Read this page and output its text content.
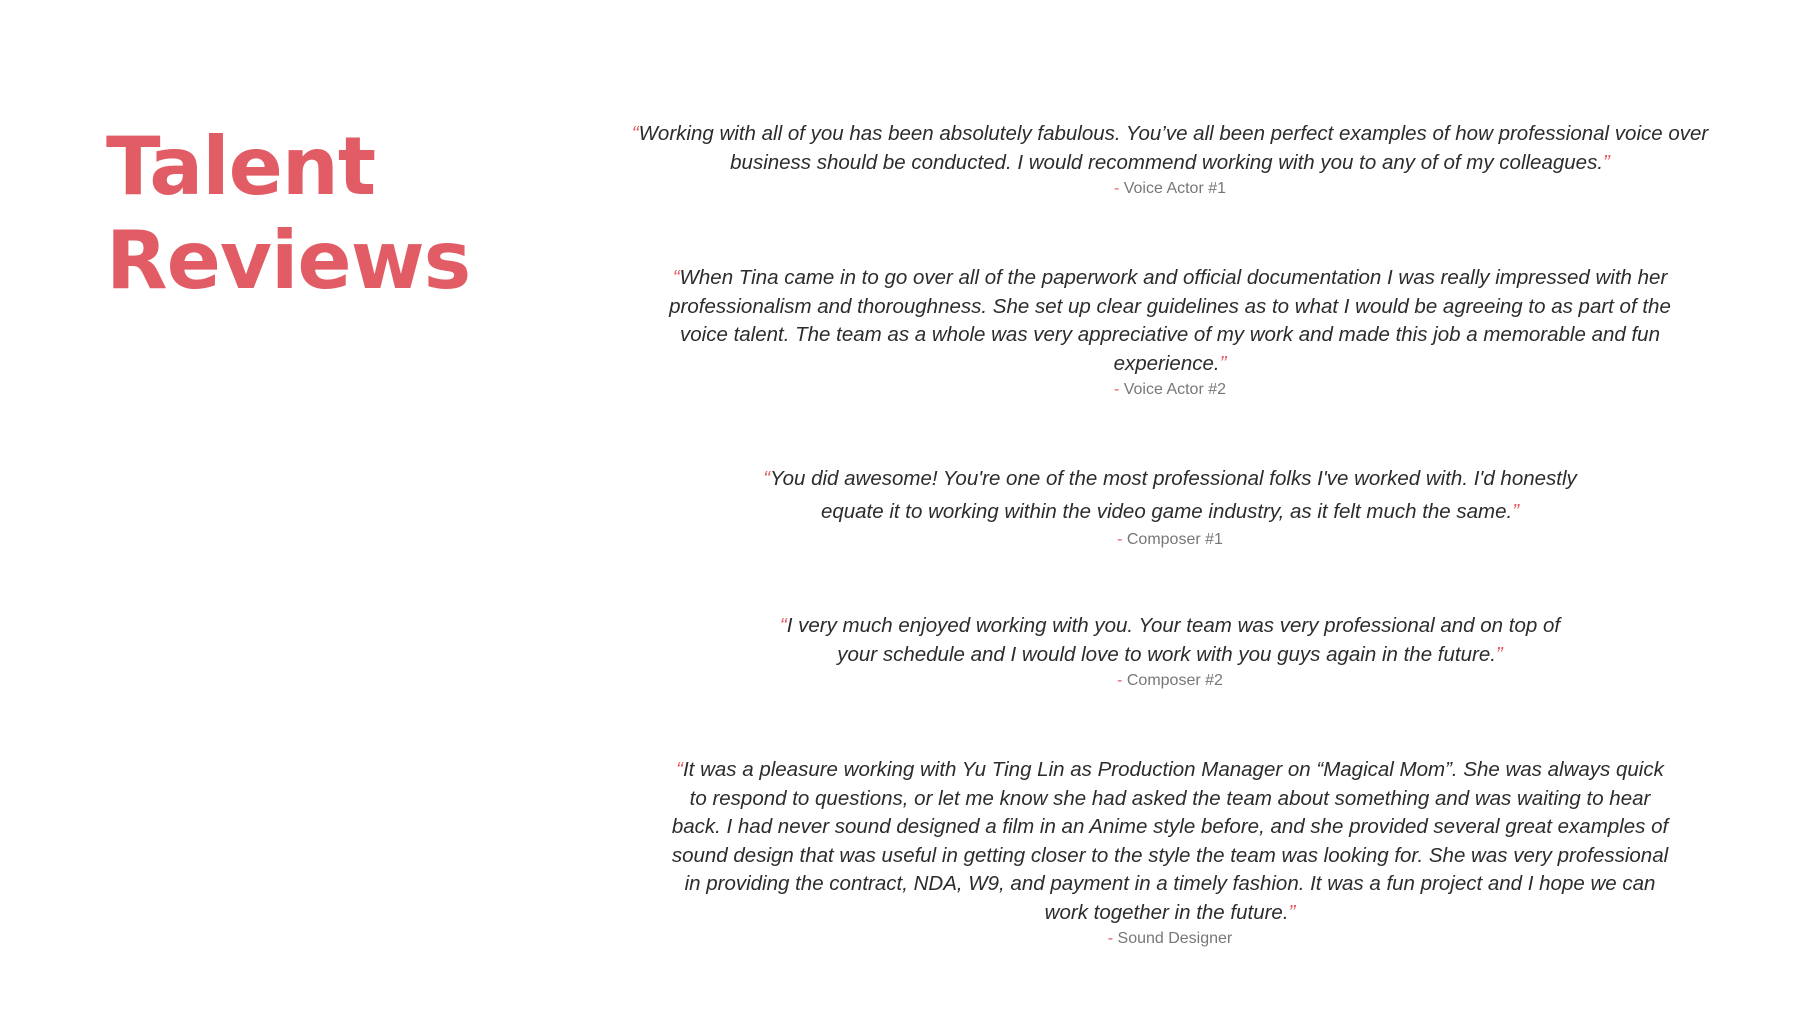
Talent
Reviews

“Working with all of you has been absolutely fabulous. You’ve all been perfect examples of how professional voice over business should be conducted. I would recommend working with you to any of of my colleagues.”

- Voice Actor #1

“When Tina came in to go over all of the paperwork and official documentation I was really impressed with her professionalism and thoroughness. She set up clear guidelines as to what I would be agreeing to as part of the voice talent. The team as a whole was very appreciative of my work and made this job a memorable and fun experience.”

- Voice Actor #2

“You did awesome! You're one of the most professional folks I've worked with. I'd honestly equate it to working within the video game industry, as it felt much the same.”

- Composer #1

“I very much enjoyed working with you. Your team was very professional and on top of your schedule and I would love to work with you guys again in the future.”

- Composer #2

“It was a pleasure working with Yu Ting Lin as Production Manager on “Magical Mom”. She was always quick to respond to questions, or let me know she had asked the team about something and was waiting to hear back. I had never sound designed a film in an Anime style before, and she provided several great examples of sound design that was useful in getting closer to the style the team was looking for. She was very professional in providing the contract, NDA, W9, and payment in a timely fashion. It was a fun project and I hope we can work together in the future.”

- Sound Designer
